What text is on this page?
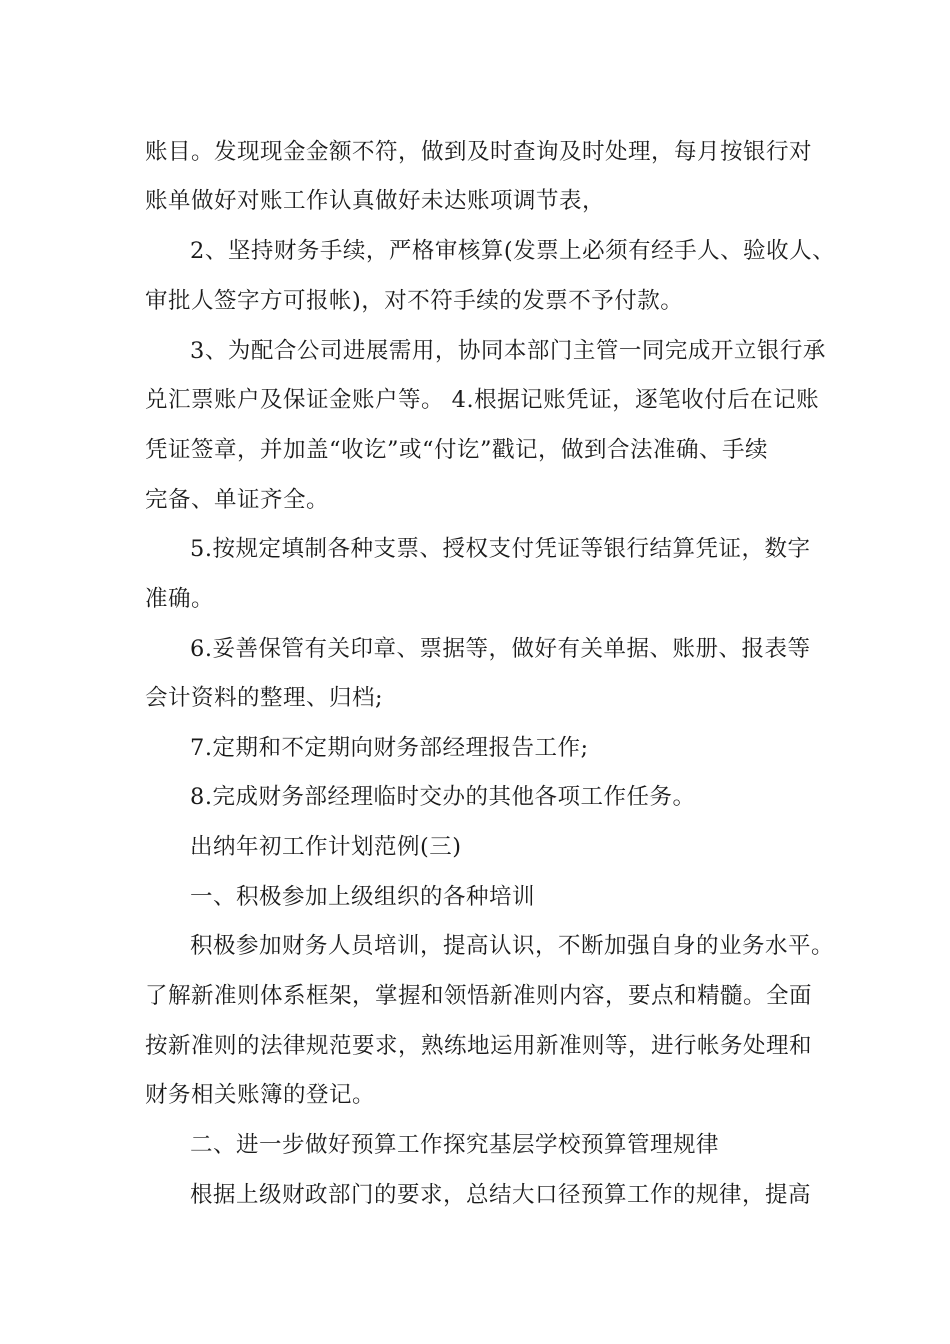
账目。发现现金金额不符，做到及时查询及时处理，每月按银行对
账单做好对账工作认真做好未达账项调节表，
2、坚持财务手续，严格审核算(发票上必须有经手人、验收人、
审批人签字方可报帐)，对不符手续的发票不予付款。
3、为配合公司进展需用，协同本部门主管一同完成开立银行承
兑汇票账户及保证金账户等。 4.根据记账凭证，逐笔收付后在记账
凭证签章，并加盖“收讫”或“付讫”戳记，做到合法准确、手续
完备、单证齐全。
5.按规定填制各种支票、授权支付凭证等银行结算凭证，数字
准确。
6.妥善保管有关印章、票据等，做好有关单据、账册、报表等
会计资料的整理、归档;
7.定期和不定期向财务部经理报告工作;
8.完成财务部经理临时交办的其他各项工作任务。
出纳年初工作计划范例(三)
一、积极参加上级组织的各种培训
积极参加财务人员培训，提高认识，不断加强自身的业务水平。
了解新准则体系框架，掌握和领悟新准则内容，要点和精髓。全面
按新准则的法律规范要求，熟练地运用新准则等，进行帐务处理和
财务相关账簿的登记。
二、进一步做好预算工作探究基层学校预算管理规律
根据上级财政部门的要求，总结大口径预算工作的规律，提高
